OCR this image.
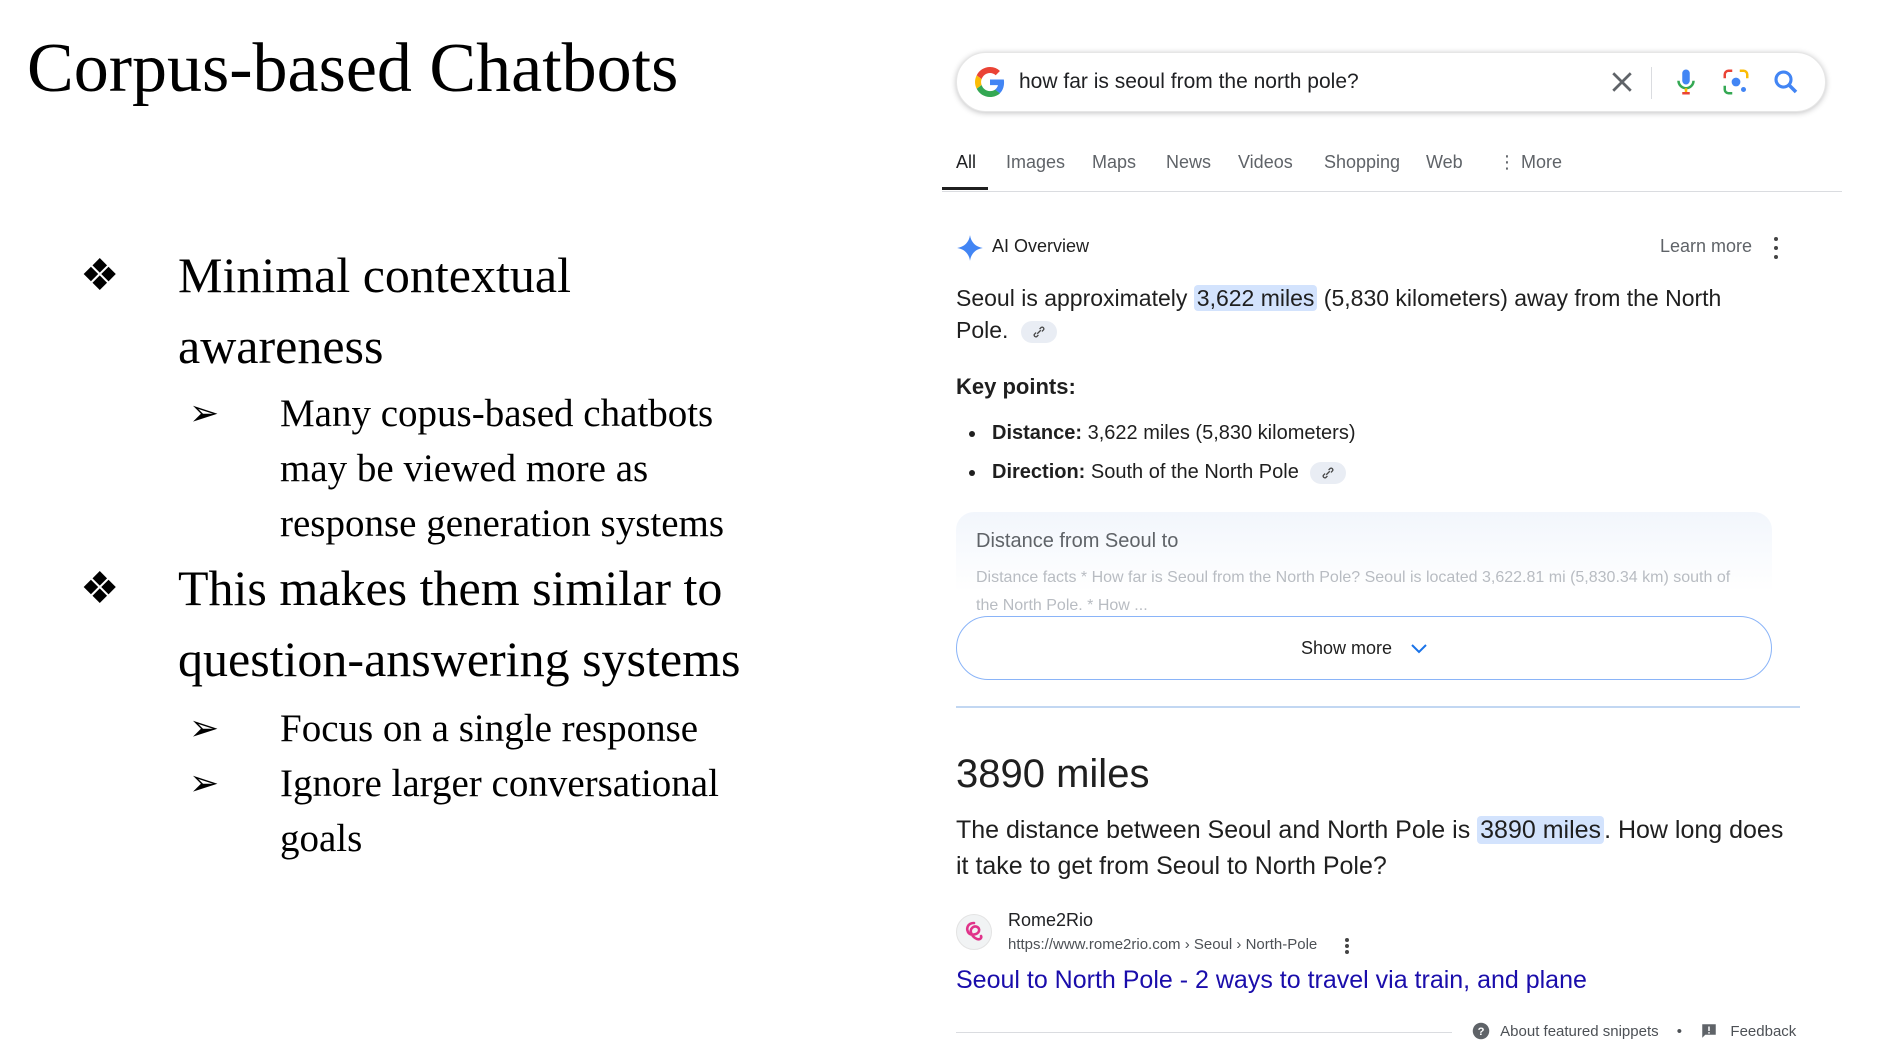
Corpus-based Chatbots
❖ Minimal contextual awareness
➢ Many copus-based chatbots may be viewed more as response generation systems
❖ This makes them similar to question-answering systems
➢ Focus on a single response
➢ Ignore larger conversational goals
how far is seoul from the north pole?
All Images Maps News Videos Shopping Web ⋮ More
AI Overview	Learn more
Seoul is approximately 3,622 miles (5,830 kilometers) away from the North Pole.
Key points:
Distance: 3,622 miles (5,830 kilometers)
Direction: South of the North Pole
Distance from Seoul to
Distance facts * How far is Seoul from the North Pole? Seoul is located 3,622.81 mi (5,830.34 km) south of the North Pole. * How ...
Show more
3890 miles
The distance between Seoul and North Pole is 3890 miles . How long does it take to get from Seoul to North Pole?
Rome2Rio
https://www.rome2rio.com › Seoul › North-Pole
Seoul to North Pole - 2 ways to travel via train, and plane
? About featured snippets •	Feedback
